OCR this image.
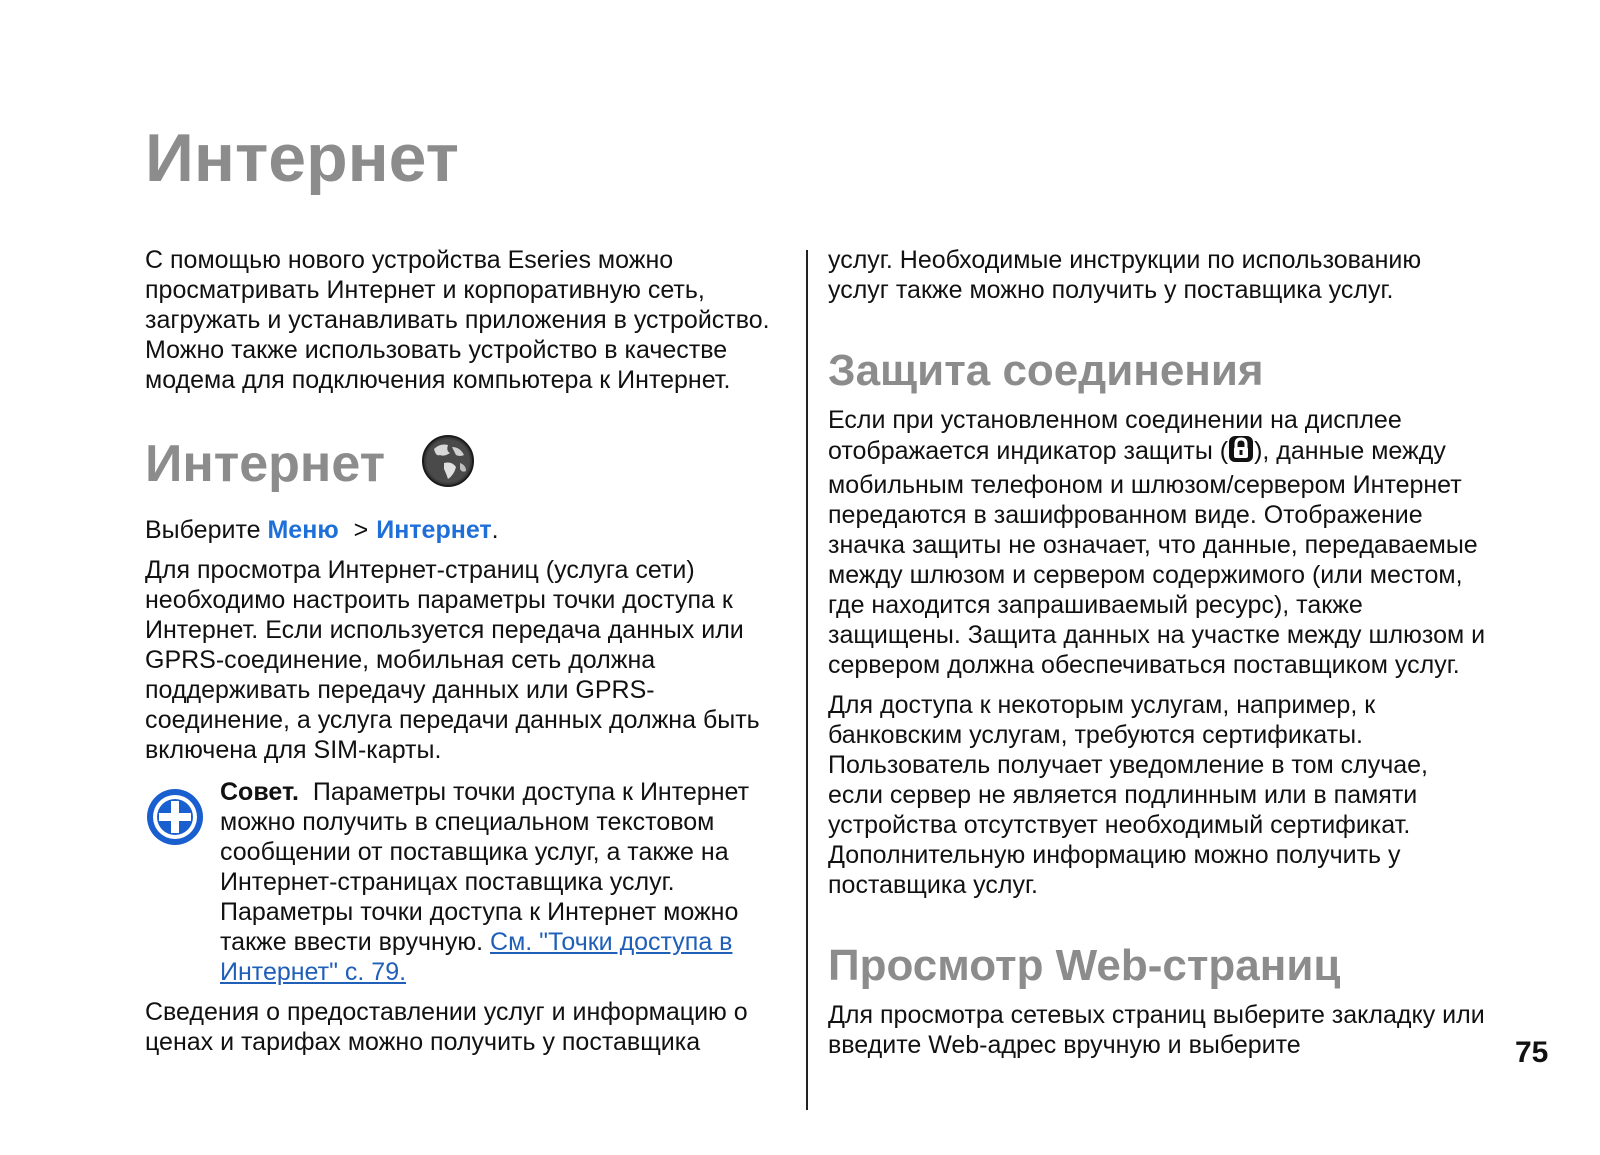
Интернет

С помощью нового устройства Eseries можно просматривать Интернет и корпоративную сеть, загружать и устанавливать приложения в устройство. Можно также использовать устройство в качестве модема для подключения компьютера к Интернет.

Интернет

Выберите Меню > Интернет.

Для просмотра Интернет-страниц (услуга сети) необходимо настроить параметры точки доступа к Интернет. Если используется передача данных или GPRS-соединение, мобильная сеть должна поддерживать передачу данных или GPRS-соединение, а услуга передачи данных должна быть включена для SIM-карты.

Совет. Параметры точки доступа к Интернет можно получить в специальном текстовом сообщении от поставщика услуг, а также на Интернет-страницах поставщика услуг. Параметры точки доступа к Интернет можно также ввести вручную. См. "Точки доступа в Интернет" с. 79.

Сведения о предоставлении услуг и информацию о ценах и тарифах можно получить у поставщика

услуг. Необходимые инструкции по использованию услуг также можно получить у поставщика услуг.

Защита соединения

Если при установленном соединении на дисплее отображается индикатор защиты ( ), данные между мобильным телефоном и шлюзом/сервером Интернет передаются в зашифрованном виде. Отображение значка защиты не означает, что данные, передаваемые между шлюзом и сервером содержимого (или местом, где находится запрашиваемый ресурс), также защищены. Защита данных на участке между шлюзом и сервером должна обеспечиваться поставщиком услуг.

Для доступа к некоторым услугам, например, к банковским услугам, требуются сертификаты. Пользователь получает уведомление в том случае, если сервер не является подлинным или в памяти устройства отсутствует необходимый сертификат. Дополнительную информацию можно получить у поставщика услуг.

Просмотр Web-страниц

Для просмотра сетевых страниц выберите закладку или введите Web-адрес вручную и выберите	75
